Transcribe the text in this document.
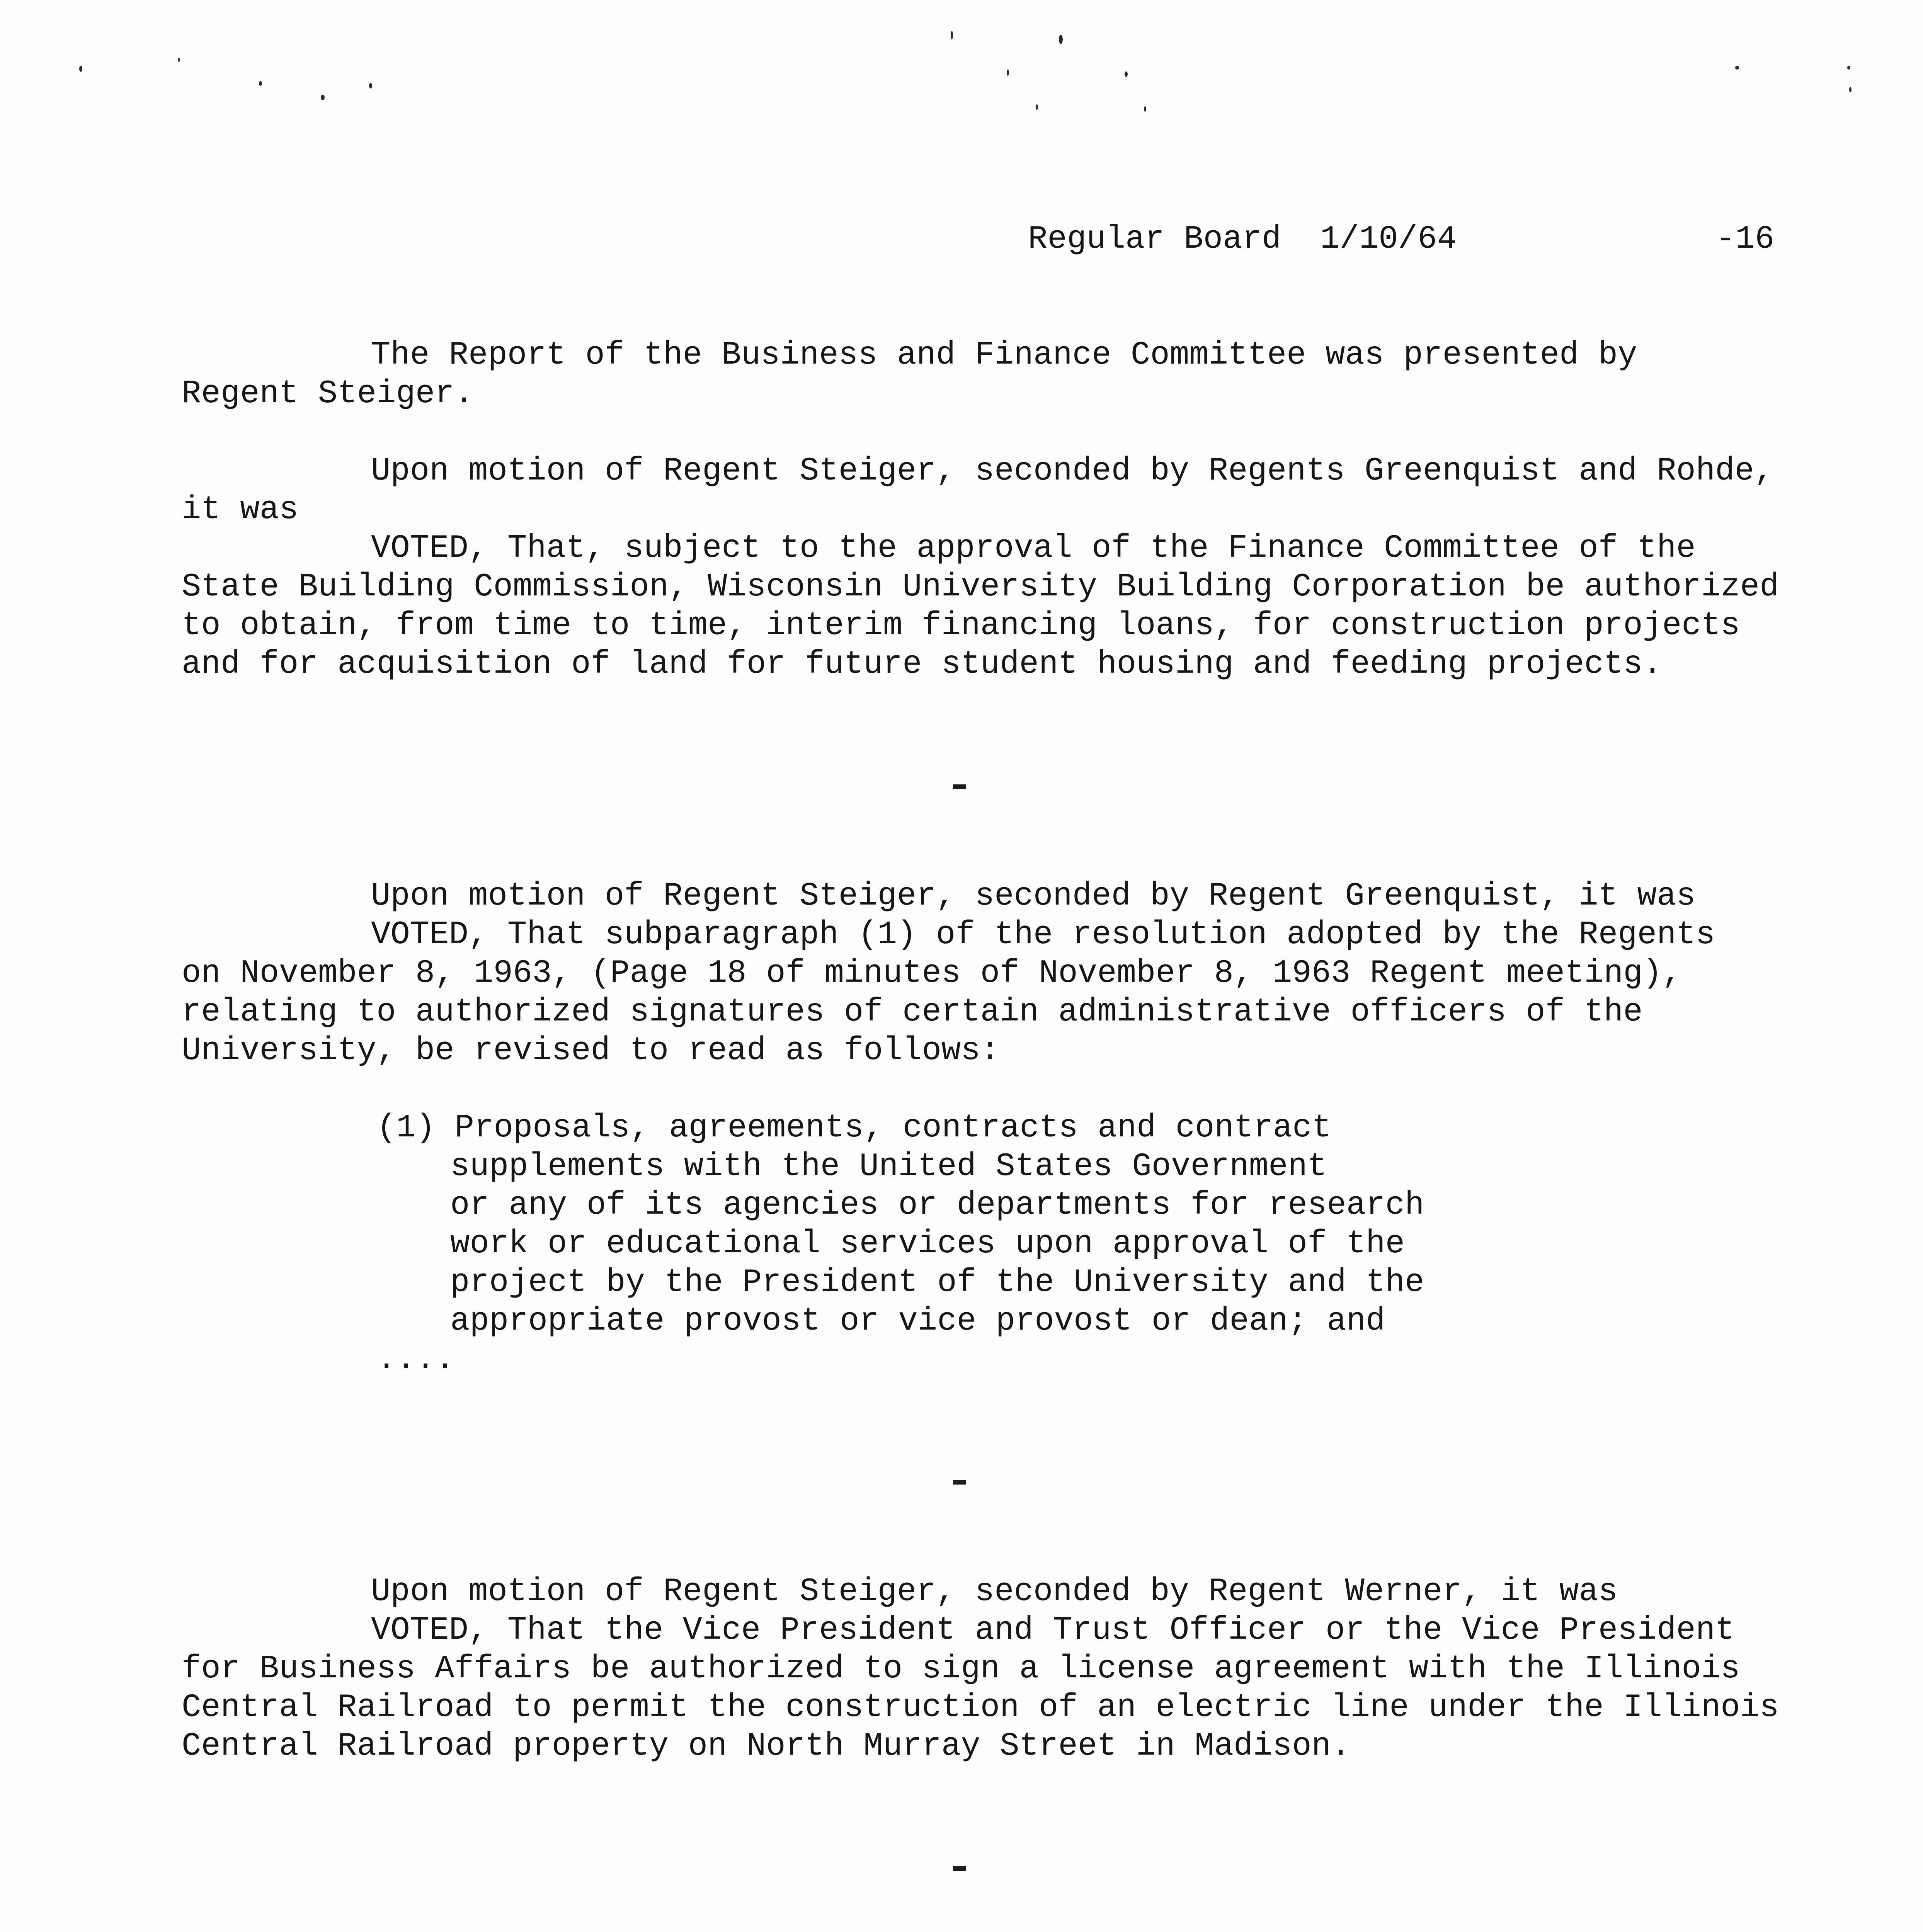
Regular Board  1/10/64

	-16

The Report of the Business and Finance Committee was presented by

Regent Steiger.

Upon motion of Regent Steiger, seconded by Regents Greenquist and Rohde,

it was

VOTED, That, subject to the approval of the Finance Committee of the

State Building Commission, Wisconsin University Building Corporation be authorized

to obtain, from time to time, interim financing loans, for construction projects

and for acquisition of land for future student housing and feeding projects.

Upon motion of Regent Steiger, seconded by Regent Greenquist, it was

VOTED, That subparagraph (1) of the resolution adopted by the Regents

on November 8, 1963, (Page 18 of minutes of November 8, 1963 Regent meeting),

relating to authorized signatures of certain administrative officers of the

University, be revised to read as follows:

(1) Proposals, agreements, contracts and contract

supplements with the United States Government

or any of its agencies or departments for research

work or educational services upon approval of the

project by the President of the University and the

appropriate provost or vice provost or dean; and

....

Upon motion of Regent Steiger, seconded by Regent Werner, it was

VOTED, That the Vice President and Trust Officer or the Vice President

for Business Affairs be authorized to sign a license agreement with the Illinois

Central Railroad to permit the construction of an electric line under the Illinois

Central Railroad property on North Murray Street in Madison.
